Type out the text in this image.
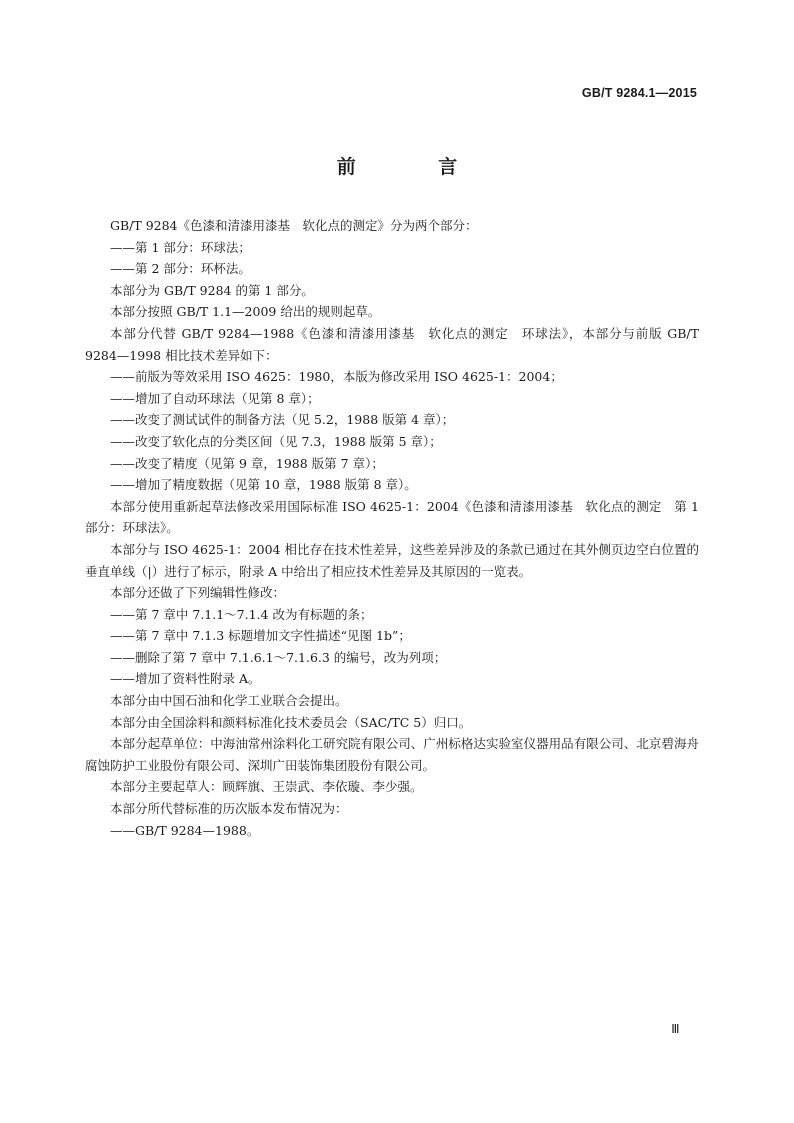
GB/T 9284.1—2015
前 言

GB/T 9284《色漆和清漆用漆基　软化点的测定》分为两个部分：

——第 1 部分：环球法；

——第 2 部分：环杯法。

本部分为 GB/T 9284 的第 1 部分。

本部分按照 GB/T 1.1—2009 给出的规则起草。

本部分代替 GB/T 9284—1988《色漆和清漆用漆基　软化点的测定　环球法》，本部分与前版 GB/T 9284—1998 相比技术差异如下：

——前版为等效采用 ISO 4625：1980，本版为修改采用 ISO 4625-1：2004；

——增加了自动环球法（见第 8 章）；

——改变了测试试件的制备方法（见 5.2，1988 版第 4 章）；

——改变了软化点的分类区间（见 7.3，1988 版第 5 章）；

——改变了精度（见第 9 章，1988 版第 7 章）；

——增加了精度数据（见第 10 章，1988 版第 8 章）。

本部分使用重新起草法修改采用国际标准 ISO 4625-1：2004《色漆和清漆用漆基　软化点的测定　第 1 部分：环球法》。

本部分与 ISO 4625-1：2004 相比存在技术性差异，这些差异涉及的条款已通过在其外侧页边空白位置的垂直单线（|）进行了标示，附录 A 中给出了相应技术性差异及其原因的一览表。

本部分还做了下列编辑性修改：

——第 7 章中 7.1.1～7.1.4 改为有标题的条；

——第 7 章中 7.1.3 标题增加文字性描述“见图 1b”；

——删除了第 7 章中 7.1.6.1～7.1.6.3 的编号，改为列项；

——增加了资料性附录 A。

本部分由中国石油和化学工业联合会提出。

本部分由全国涂料和颜料标准化技术委员会（SAC/TC 5）归口。

本部分起草单位：中海油常州涂料化工研究院有限公司、广州标格达实验室仪器用品有限公司、北京碧海舟腐蚀防护工业股份有限公司、深圳广田装饰集团股份有限公司。

本部分主要起草人：顾辉旗、王崇武、李依璇、李少强。

本部分所代替标准的历次版本发布情况为：

——GB/T 9284—1988。

Ⅲ
